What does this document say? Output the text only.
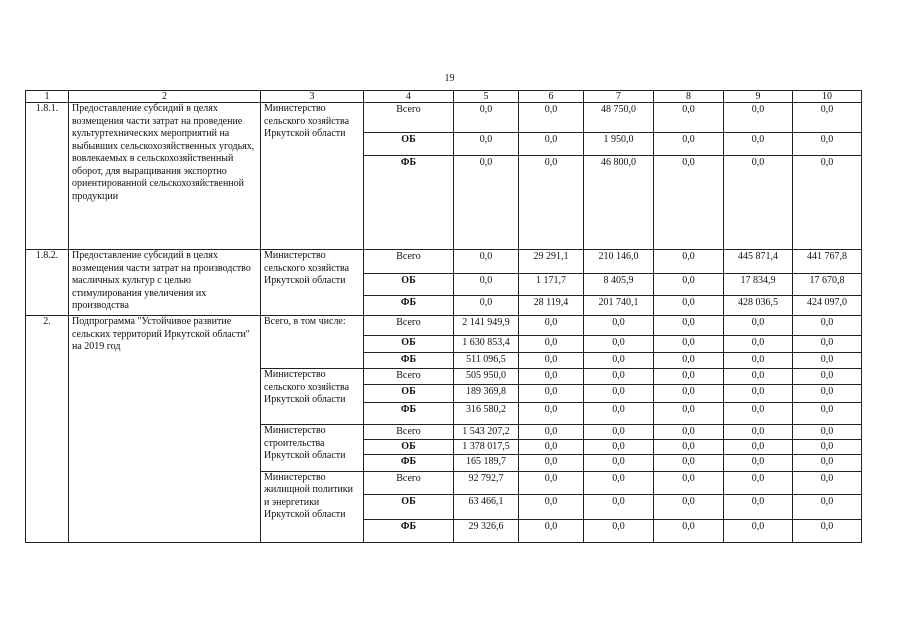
19
1	2	3	4	5	6	7	8	9	10
1.8.1.	Предоставление субсидий в целях возмещения части затрат на проведение культуртехнических мероприятий на выбывших сельскохозяйственных угодьях, вовлекаемых в сельскохозяйственный оборот, для выращивания экспортно ориентированной сельскохозяйственной продукции	Министерство сельского хозяйства Иркутской области	Всего	0,0	0,0	48 750,0	0,0	0,0	0,0
			ОБ	0,0	0,0	1 950,0	0,0	0,0	0,0
			ФБ	0,0	0,0	46 800,0	0,0	0,0	0,0
1.8.2.	Предоставление субсидий в целях возмещения части затрат на производство масличных культур с целью стимулирования увеличения их производства	Министерство сельского хозяйства Иркутской области	Всего	0,0	29 291,1	210 146,0	0,0	445 871,4	441 767,8
			ОБ	0,0	1 171,7	8 405,9	0,0	17 834,9	17 670,8
			ФБ	0,0	28 119,4	201 740,1	0,0	428 036,5	424 097,0
2.	Подпрограмма "Устойчивое развитие сельских территорий Иркутской области" на 2019 год	Всего, в том числе:	Всего	2 141 949,9	0,0	0,0	0,0	0,0	0,0
			ОБ	1 630 853,4	0,0	0,0	0,0	0,0	0,0
			ФБ	511 096,5	0,0	0,0	0,0	0,0	0,0
		Министерство сельского хозяйства Иркутской области	Всего	505 950,0	0,0	0,0	0,0	0,0	0,0
			ОБ	189 369,8	0,0	0,0	0,0	0,0	0,0
			ФБ	316 580,2	0,0	0,0	0,0	0,0	0,0
		Министерство строительства Иркутской области	Всего	1 543 207,2	0,0	0,0	0,0	0,0	0,0
			ОБ	1 378 017,5	0,0	0,0	0,0	0,0	0,0
			ФБ	165 189,7	0,0	0,0	0,0	0,0	0,0
		Министерство жилищной политики и энергетики Иркутской области	Всего	92 792,7	0,0	0,0	0,0	0,0	0,0
			ОБ	63 466,1	0,0	0,0	0,0	0,0	0,0
			ФБ	29 326,6	0,0	0,0	0,0	0,0	0,0
